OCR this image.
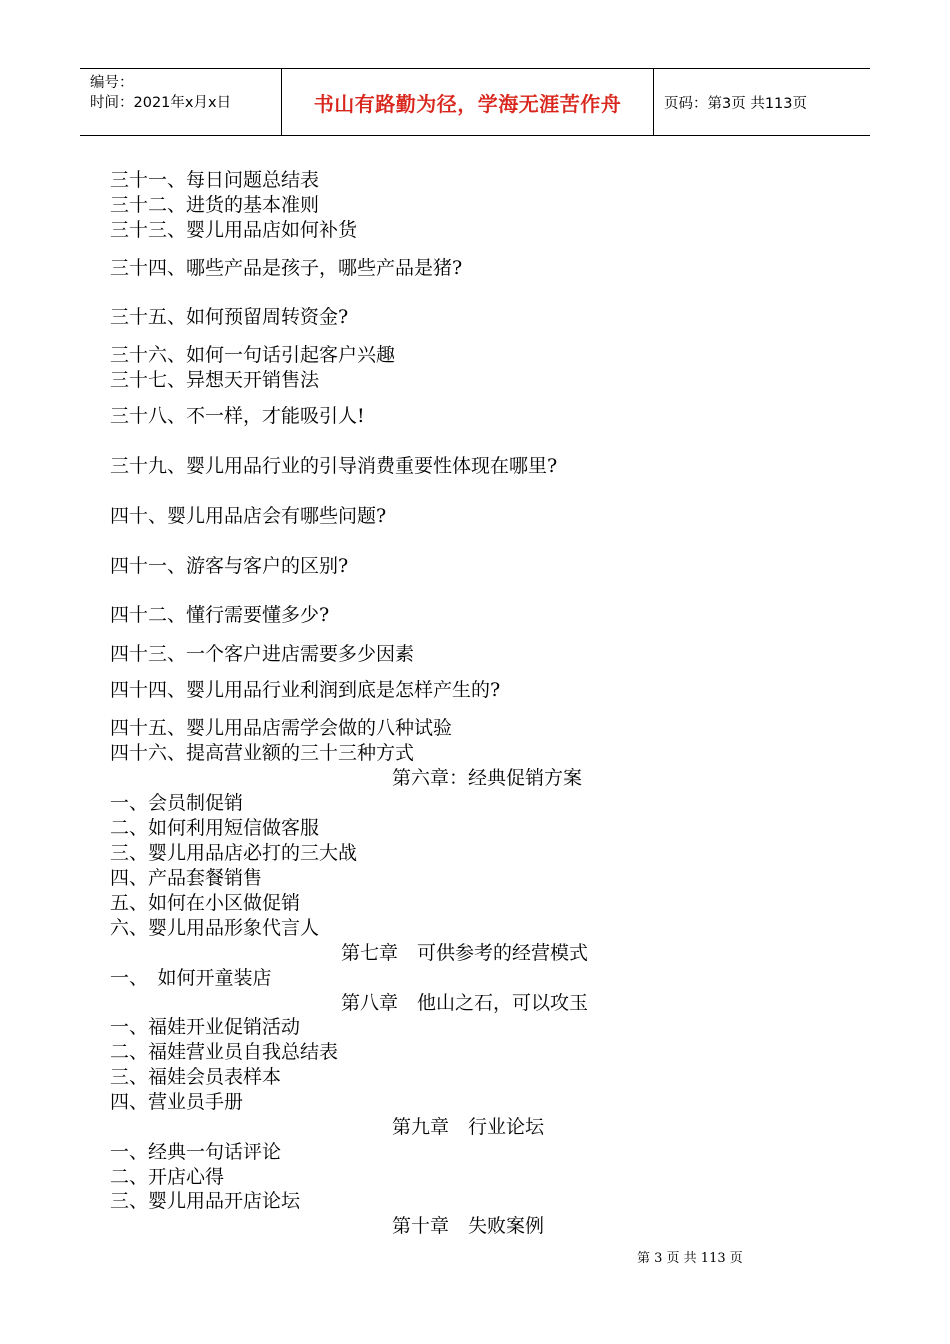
编号：
时间：2021年x月x日	书山有路勤为径，学海无涯苦作舟	页码：第3页 共113页
三十一、每日问题总结表
三十二、进货的基本准则
三十三、婴儿用品店如何补货
三十四、哪些产品是孩子，哪些产品是猪?
三十五、如何预留周转资金?
三十六、如何一句话引起客户兴趣
三十七、异想天开销售法
三十八、不一样，才能吸引人!
三十九、婴儿用品行业的引导消费重要性体现在哪里?
四十、婴儿用品店会有哪些问题?
四十一、游客与客户的区别?
四十二、懂行需要懂多少?
四十三、一个客户进店需要多少因素
四十四、婴儿用品行业利润到底是怎样产生的?
四十五、婴儿用品店需学会做的八种试验
四十六、提高营业额的三十三种方式
第六章：经典促销方案
一、会员制促销
二、如何利用短信做客服
三、婴儿用品店必打的三大战
四、产品套餐销售
五、如何在小区做促销
六、婴儿用品形象代言人
第七章　可供参考的经营模式
一、　如何开童装店
第八章　他山之石，可以攻玉
一、福娃开业促销活动
二、福娃营业员自我总结表
三、福娃会员表样本
四、营业员手册
第九章　行业论坛
一、经典一句话评论
二、开店心得
三、婴儿用品开店论坛
第十章　失败案例
第 3 页 共 113 页
